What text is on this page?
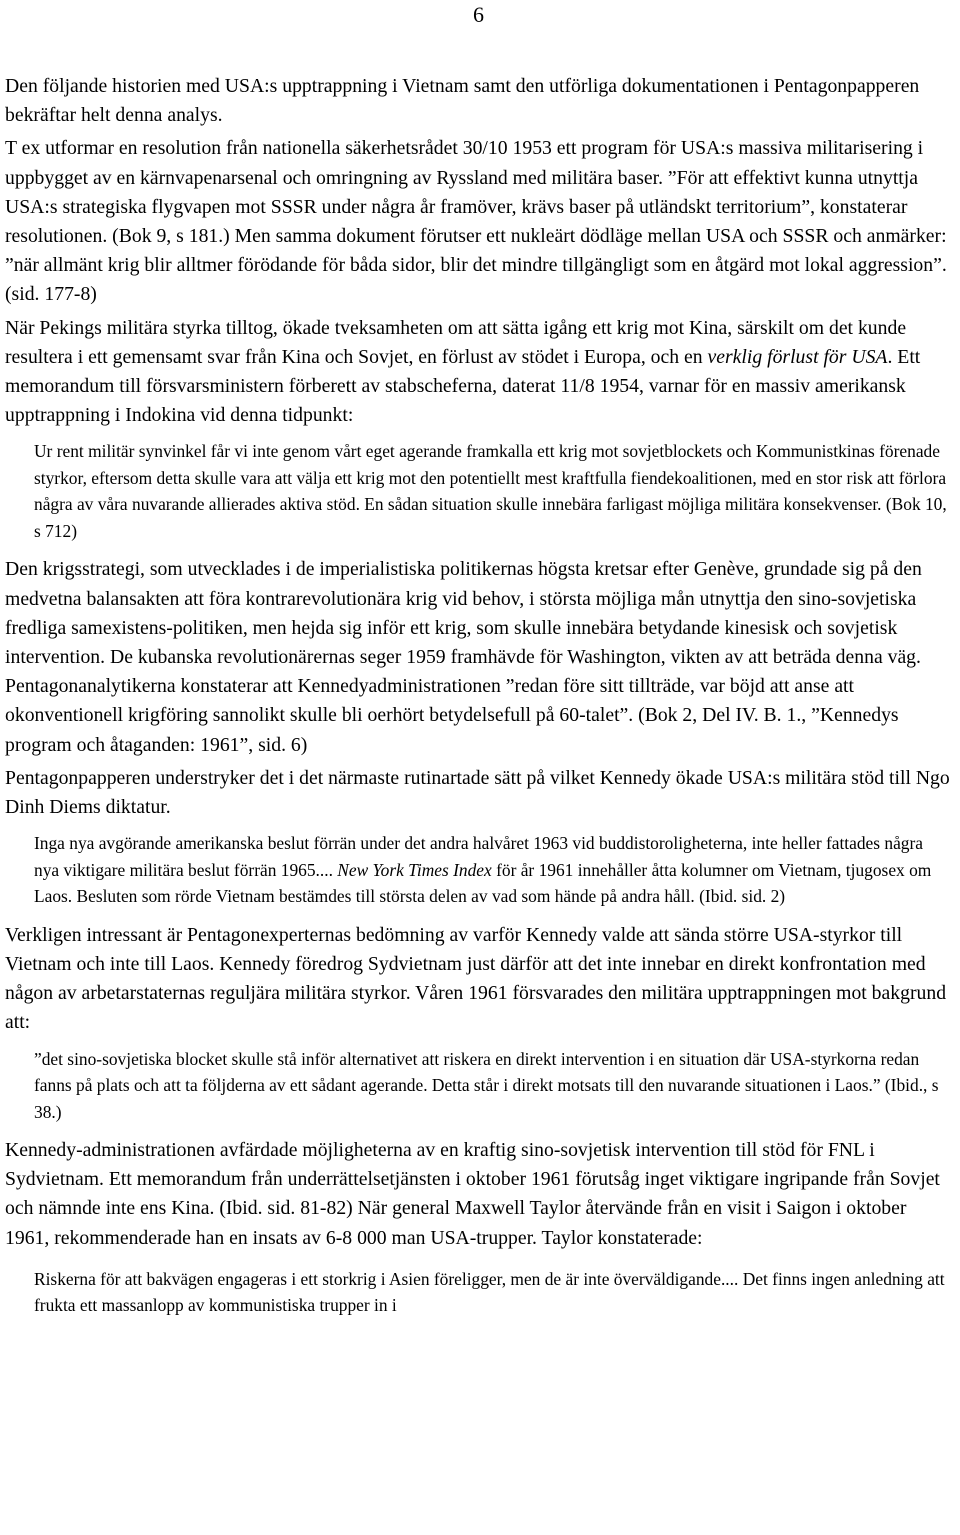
6

Den följande historien med USA:s upptrappning i Vietnam samt den utförliga dokumentationen i Pentagonpapperen bekräftar helt denna analys.

T ex utformar en resolution från nationella säkerhetsrådet 30/10 1953 ett program för USA:s massiva militarisering i uppbygget av en kärnvapenarsenal och omringning av Ryssland med militära baser. ”För att effektivt kunna utnyttja USA:s strategiska flygvapen mot SSSR under några år framöver, krävs baser på utländskt territorium”, konstaterar resolutionen. (Bok 9, s 181.) Men samma dokument förutser ett nukleärt dödläge mellan USA och SSSR och anmärker: ”när allmänt krig blir alltmer förödande för båda sidor, blir det mindre tillgängligt som en åtgärd mot lokal aggression”. (sid. 177-8)

När Pekings militära styrka tilltog, ökade tveksamheten om att sätta igång ett krig mot Kina, särskilt om det kunde resultera i ett gemensamt svar från Kina och Sovjet, en förlust av stödet i Europa, och en verklig förlust för USA. Ett memorandum till försvarsministern förberett av stabscheferna, daterat 11/8 1954, varnar för en massiv amerikansk upptrappning i Indokina vid denna tidpunkt:

Ur rent militär synvinkel får vi inte genom vårt eget agerande framkalla ett krig mot sovjetblockets och Kommunistkinas förenade styrkor, eftersom detta skulle vara att välja ett krig mot den potentiellt mest kraftfulla fiendekoalitionen, med en stor risk att förlora några av våra nuvarande allierades aktiva stöd. En sådan situation skulle innebära farligast möjliga militära konsekvenser. (Bok 10, s 712)

Den krigsstrategi, som utvecklades i de imperialistiska politikernas högsta kretsar efter Genève, grundade sig på den medvetna balansakten att föra kontrarevolutionära krig vid behov, i största möjliga mån utnyttja den sino-sovjetiska fredliga samexistens-politiken, men hejda sig inför ett krig, som skulle innebära betydande kinesisk och sovjetisk intervention. De kubanska revolutionärernas seger 1959 framhävde för Washington, vikten av att beträda denna väg. Pentagonanalytikerna konstaterar att Kennedyadministrationen ”redan före sitt tillträde, var böjd att anse att okonventionell krigföring sannolikt skulle bli oerhört betydelsefull på 60-talet”. (Bok 2, Del IV. B. 1., ”Kennedys program och åtaganden: 1961”, sid. 6)

Pentagonpapperen understryker det i det närmaste rutinartade sätt på vilket Kennedy ökade USA:s militära stöd till Ngo Dinh Diems diktatur.

Inga nya avgörande amerikanska beslut förrän under det andra halvåret 1963 vid buddistoroligheterna, inte heller fattades några nya viktigare militära beslut förrän 1965.... New York Times Index för år 1961 innehåller åtta kolumner om Vietnam, tjugosex om Laos. Besluten som rörde Vietnam bestämdes till största delen av vad som hände på andra håll. (Ibid. sid. 2)

Verkligen intressant är Pentagonexperternas bedömning av varför Kennedy valde att sända större USA-styrkor till Vietnam och inte till Laos. Kennedy föredrog Sydvietnam just därför att det inte innebar en direkt konfrontation med någon av arbetarstaternas reguljära militära styrkor. Våren 1961 försvarades den militära upptrappningen mot bakgrund att:

”det sino-sovjetiska blocket skulle stå inför alternativet att riskera en direkt intervention i en situation där USA-styrkorna redan fanns på plats och att ta följderna av ett sådant agerande. Detta står i direkt motsats till den nuvarande situationen i Laos.” (Ibid., s 38.)

Kennedy-administrationen avfärdade möjligheterna av en kraftig sino-sovjetisk intervention till stöd för FNL i Sydvietnam. Ett memorandum från underrättelsetjänsten i oktober 1961 förutsåg inget viktigare ingripande från Sovjet och nämnde inte ens Kina. (Ibid. sid. 81-82) När general Maxwell Taylor återvände från en visit i Saigon i oktober 1961, rekommenderade han en insats av 6-8 000 man USA-trupper. Taylor konstaterade:

Riskerna för att bakvägen engageras i ett storkrig i Asien föreligger, men de är inte överväldigande.... Det finns ingen anledning att frukta ett massanlopp av kommunistiska trupper in i
